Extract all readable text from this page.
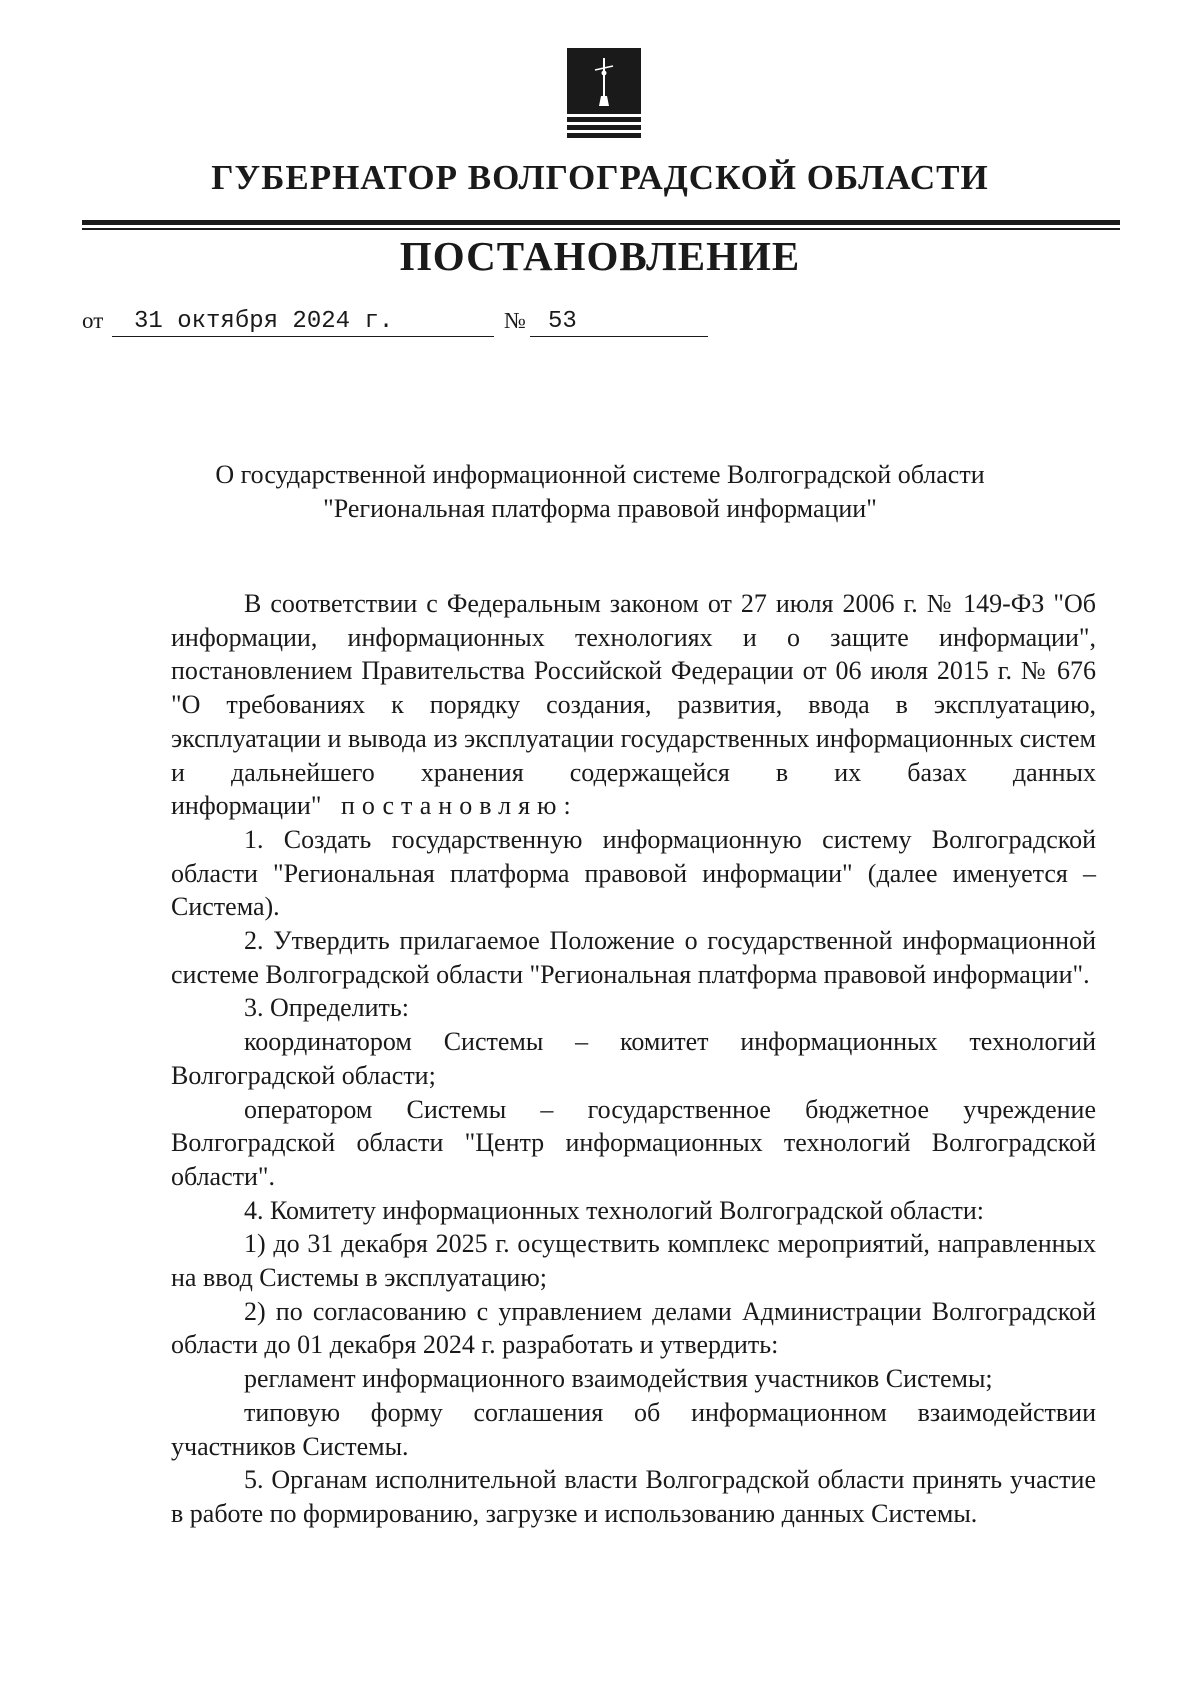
ГУБЕРНАТОР ВОЛГОГРАДСКОЙ ОБЛАСТИ
ПОСТАНОВЛЕНИЕ
от	31 октября 2024 г.	№ 53
О государственной информационной системе Волгоградской области
"Региональная платформа правовой информации"

В соответствии с Федеральным законом от 27 июля 2006 г. № 149-ФЗ "Об информации, информационных технологиях и о защите информации", постановлением Правительства Российской Федерации от 06 июля 2015 г. № 676 "О требованиях к порядку создания, развития, ввода в эксплуатацию, эксплуатации и вывода из эксплуатации государственных информационных систем и дальнейшего хранения содержащейся в их базах данных информации" постановляю:

1. Создать государственную информационную систему Волгоградской области "Региональная платформа правовой информации" (далее именуется – Система).

2. Утвердить прилагаемое Положение о государственной информационной системе Волгоградской области "Региональная платформа правовой информации".

3. Определить:

координатором Системы – комитет информационных технологий Волгоградской области;

оператором Системы – государственное бюджетное учреждение Волгоградской области "Центр информационных технологий Волгоградской области".

4. Комитету информационных технологий Волгоградской области:

1) до 31 декабря 2025 г. осуществить комплекс мероприятий, направленных на ввод Системы в эксплуатацию;

2) по согласованию с управлением делами Администрации Волгоградской области до 01 декабря 2024 г. разработать и утвердить:

регламент информационного взаимодействия участников Системы;

типовую форму соглашения об информационном взаимодействии участников Системы.

5. Органам исполнительной власти Волгоградской области принять участие в работе по формированию, загрузке и использованию данных Системы.
